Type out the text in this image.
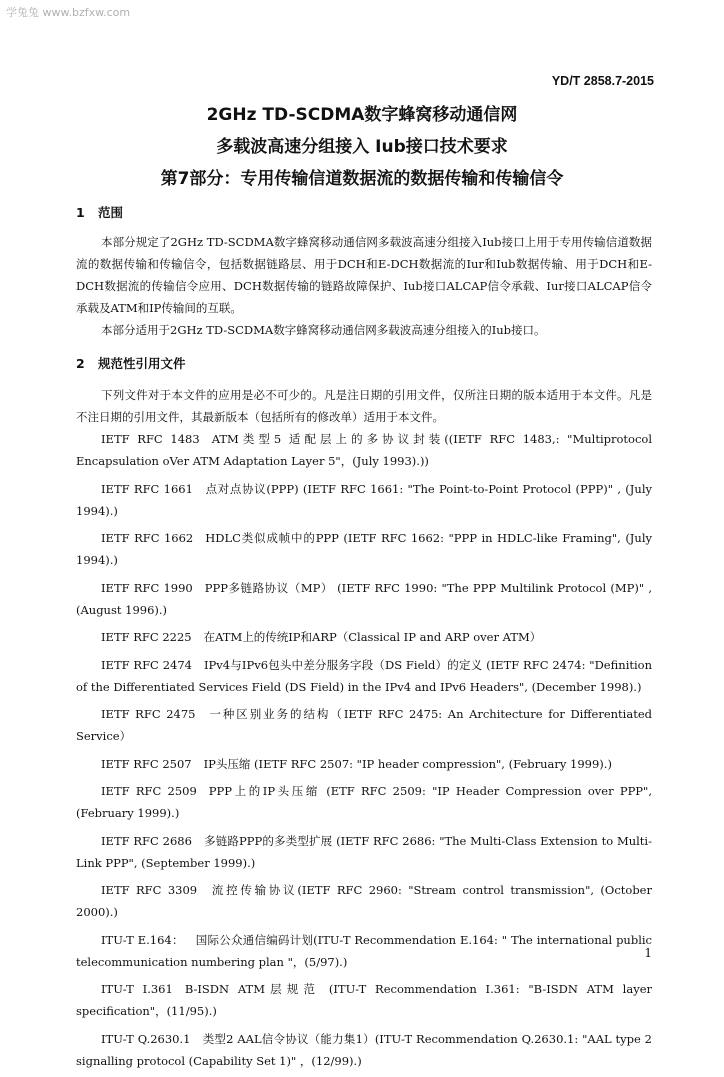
学兔兔 www.bzfxw.com
YD/T 2858.7-2015
2GHz TD-SCDMA数字蜂窝移动通信网
多载波高速分组接入 Iub接口技术要求
第7部分：专用传输信道数据流的数据传输和传输信令
1 范围

本部分规定了2GHz TD-SCDMA数字蜂窝移动通信网多载波高速分组接入Iub接口上用于专用传输信道数据流的数据传输和传输信令，包括数据链路层、用于DCH和E-DCH数据流的Iur和Iub数据传输、用于DCH和E-DCH数据流的传输信令应用、DCH数据传输的链路故障保护、Iub接口ALCAP信令承载、Iur接口ALCAP信令承载及ATM和IP传输间的互联。

本部分适用于2GHz TD-SCDMA数字蜂窝移动通信网多载波高速分组接入的Iub接口。

2 规范性引用文件

下列文件对于本文件的应用是必不可少的。凡是注日期的引用文件，仅所注日期的版本适用于本文件。凡是不注日期的引用文件，其最新版本（包括所有的修改单）适用于本文件。

IETF RFC 1483 ATM类型5 适配层上的多协议封装((IETF RFC 1483,: "Multiprotocol Encapsulation oVer ATM Adaptation Layer 5"，(July 1993).))

IETF RFC 1661 点对点协议(PPP) (IETF RFC 1661: "The Point-to-Point Protocol (PPP)" , (July 1994).)

IETF RFC 1662 HDLC类似成帧中的PPP (IETF RFC 1662: "PPP in HDLC-like Framing", (July 1994).)

IETF RFC 1990 PPP多链路协议（MP） (IETF RFC 1990: "The PPP Multilink Protocol (MP)" , (August 1996).)

IETF RFC 2225 在ATM上的传统IP和ARP（Classical IP and ARP over ATM）

IETF RFC 2474 IPv4与IPv6包头中差分服务字段（DS Field）的定义 (IETF RFC 2474: "Definition of the Differentiated Services Field (DS Field) in the IPv4 and IPv6 Headers", (December 1998).)

IETF RFC 2475 一种区别业务的结构（IETF RFC 2475: An Architecture for Differentiated Service）

IETF RFC 2507 IP头压缩 (IETF RFC 2507: "IP header compression", (February 1999).)

IETF RFC 2509 PPP上的IP头压缩 (ETF RFC 2509: "IP Header Compression over PPP", (February 1999).)

IETF RFC 2686 多链路PPP的多类型扩展 (IETF RFC 2686: "The Multi-Class Extension to Multi-Link PPP", (September 1999).)

IETF RFC 3309 流控传输协议(IETF RFC 2960: "Stream control transmission", (October 2000).)

ITU-T E.164： 国际公众通信编码计划(ITU-T Recommendation E.164: " The international public telecommunication numbering plan "，(5/97).)

ITU-T I.361 B-ISDN ATM层规范 (ITU-T Recommendation I.361: "B-ISDN ATM layer specification"，(11/95).)

ITU-T Q.2630.1 类型2 AAL信令协议（能力集1）(ITU-T Recommendation Q.2630.1: "AAL type 2 signalling protocol (Capability Set 1)" ，(12/99).)

1
